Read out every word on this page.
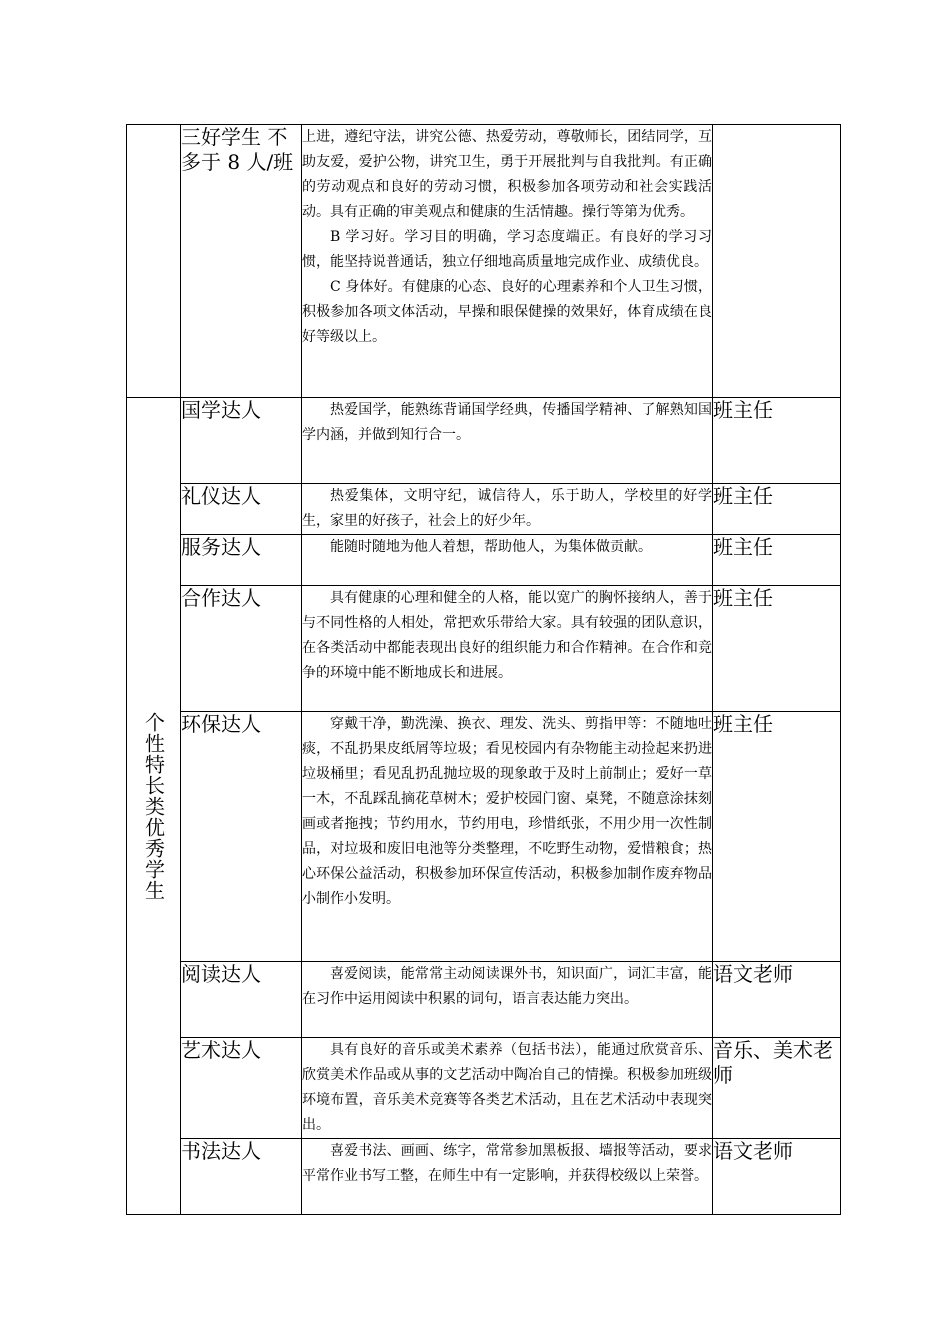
	三好学生 不多于 8 人/班	上进，遵纪守法，讲究公德、热爱劳动，尊敬师长，团结同学，互助友爱，爱护公物，讲究卫生，勇于开展批判与自我批判。有正确的劳动观点和良好的劳动习惯，积极参加各项劳动和社会实践活动。具有正确的审美观点和健康的生活情趣。操行等第为优秀。

B 学习好。学习目的明确，学习态度端正。有良好的学习习惯，能坚持说普通话，独立仔细地高质量地完成作业、成绩优良。

C 身体好。有健康的心态、良好的心理素养和个人卫生习惯，积极参加各项文体活动，早操和眼保健操的效果好，体育成绩在良好等级以上。	

个性特长类优秀学生	国学达人	热爱国学，能熟练背诵国学经典，传播国学精神、了解熟知国学内涵，并做到知行合一。	班主任
	礼仪达人	热爱集体，文明守纪，诚信待人，乐于助人，学校里的好学生，家里的好孩子，社会上的好少年。	班主任
	服务达人	能随时随地为他人着想，帮助他人，为集体做贡献。	班主任
	合作达人	具有健康的心理和健全的人格，能以宽广的胸怀接纳人，善于与不同性格的人相处，常把欢乐带给大家。具有较强的团队意识，在各类活动中都能表现出良好的组织能力和合作精神。在合作和竞争的环境中能不断地成长和进展。	班主任
	环保达人	穿戴干净，勤洗澡、换衣、理发、洗头、剪指甲等：不随地吐痰，不乱扔果皮纸屑等垃圾；看见校园内有杂物能主动捡起来扔进垃圾桶里；看见乱扔乱抛垃圾的现象敢于及时上前制止；爱好一草一木，不乱踩乱摘花草树木；爱护校园门窗、桌凳，不随意涂抹刻画或者拖拽；节约用水，节约用电，珍惜纸张，不用少用一次性制品，对垃圾和废旧电池等分类整理，不吃野生动物，爱惜粮食；热心环保公益活动，积极参加环保宣传活动，积极参加制作废弃物品小制作小发明。	班主任
	阅读达人	喜爱阅读，能常常主动阅读课外书，知识面广，词汇丰富，能在习作中运用阅读中积累的词句，语言表达能力突出。	语文老师
	艺术达人	具有良好的音乐或美术素养（包括书法），能通过欣赏音乐、欣赏美术作品或从事的文艺活动中陶冶自己的情操。积极参加班级环境布置，音乐美术竞赛等各类艺术活动，且在艺术活动中表现突出。	音乐、美术老师
	书法达人	喜爱书法、画画、练字，常常参加黑板报、墙报等活动，要求平常作业书写工整，在师生中有一定影响，并获得校级以上荣誉。	语文老师
